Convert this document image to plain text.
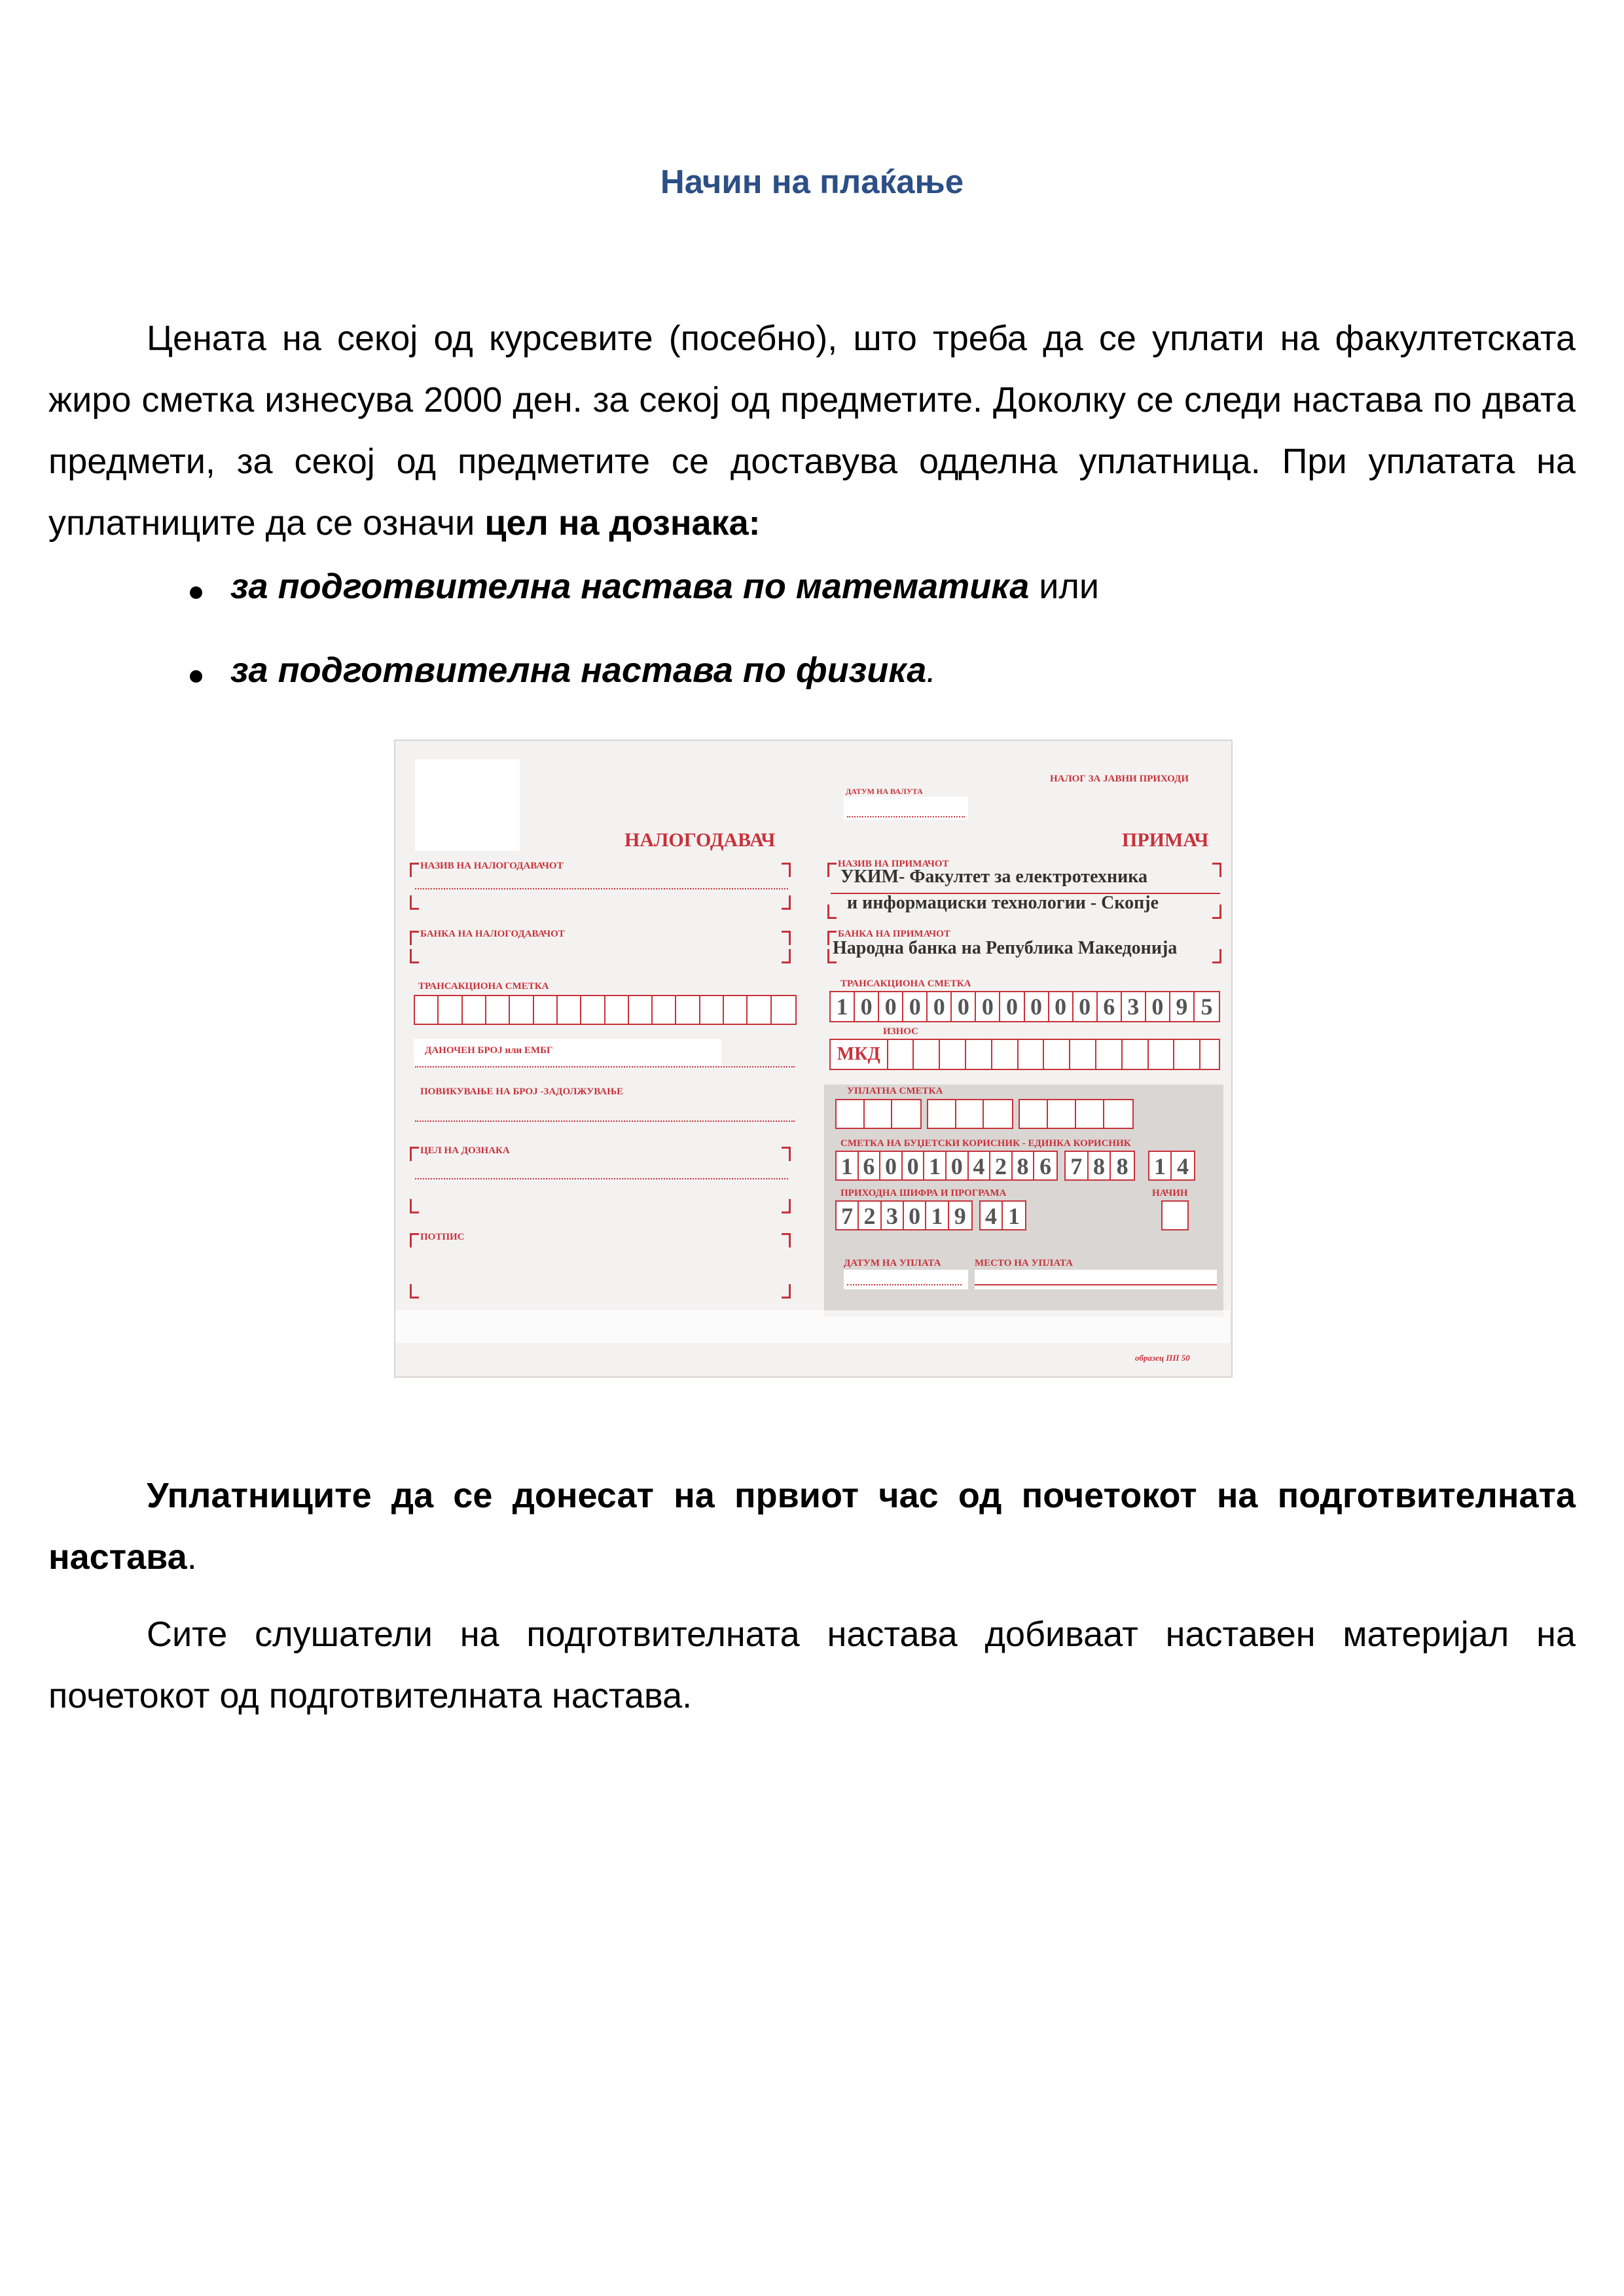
Начин на плаќање
Цената на секој од курсевите (посебно), што треба да се уплати на факултетската жиро сметка изнесува 2000 ден. за секој од предметите. Доколку се следи настава по двата предмети, за секој од предметите се доставува одделна уплатница. При уплатата на уплатниците да се означи цел на дознака:
за подготвителна настава по математика или
за подготвителна настава по физика.
НАЛОГ ЗА ЈАВНИ ПРИХОДИ
ДАТУМ НА ВАЛУТА
НАЛОГОДАВАЧ	ПРИМАЧ
НАЗИВ НА НАЛОГОДАВАЧОТ
БАНКА НА НАЛОГОДАВАЧОТ
ТРАНСАКЦИОНА СМЕТКА
ДАНОЧЕН БРОЈ или ЕМБГ
ПОВИКУВАЊЕ НА БРОЈ -ЗАДОЛЖУВАЊЕ
ЦЕЛ НА ДОЗНАКА
ПОТПИС
НАЗИВ НА ПРИМАЧОТ
УКИМ- Факултет за електротехника
и информациски технологии - Скопје
БАНКА НА ПРИМАЧОТ
Народна банка на Република Македонија
ТРАНСАКЦИОНА СМЕТКА
1 0 0 0 0 0 0 0 0 0 0 6 3 0 9 5
ИЗНОС
МКД
УПЛАТНА СМЕТКА
СМЕТКА НА БУЏЕТСКИ КОРИСНИК - ЕДИНКА КОРИСНИК
1 6 0 0 1 0 4 2 8 6 7 8 8 1 4
ПРИХОДНА ШИФРА И ПРОГРАМА	НАЧИН
7 2 3 0 1 9 4 1
ДАТУМ НА УПЛАТА	МЕСТО НА УПЛАТА
образец ПП 50
Уплатниците да се донесат на првиот час од почетокот на подготвителната настава.
Сите слушатели на подготвителната настава добиваат наставен материјал на почетокот од подготвителната настава.
